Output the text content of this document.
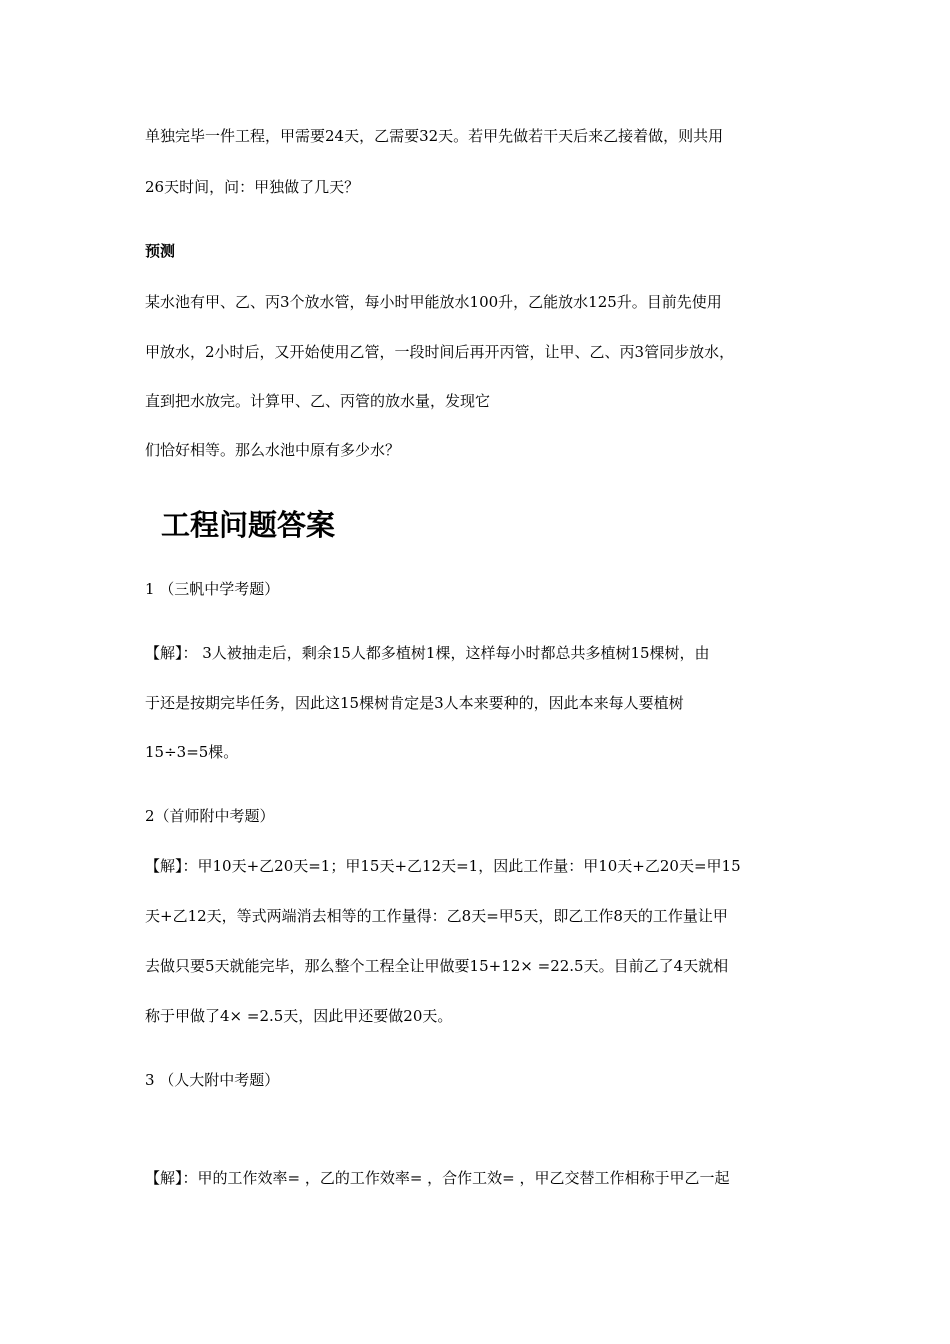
单独完毕一件工程，甲需要24天，乙需要32天。若甲先做若干天后来乙接着做，则共用
26天时间，问：甲独做了几天？
预测
某水池有甲、乙、丙3个放水管，每小时甲能放水100升，乙能放水125升。目前先使用
甲放水，2小时后，又开始使用乙管，一段时间后再开丙管，让甲、乙、丙3管同步放水，
直到把水放完。计算甲、乙、丙管的放水量，发现它
们恰好相等。那么水池中原有多少水？
工程问题答案
1 （三帆中学考题）
【解】： 3人被抽走后，剩余15人都多植树1棵，这样每小时都总共多植树15棵树，由
于还是按期完毕任务，因此这15棵树肯定是3人本来要种的，因此本来每人要植树
15÷3=5棵。
2（首师附中考题）
【解】：甲10天+乙20天=1；甲15天+乙12天=1，因此工作量：甲10天+乙20天=甲15
天+乙12天，等式两端消去相等的工作量得：乙8天=甲5天，即乙工作8天的工作量让甲
去做只要5天就能完毕，那么整个工程全让甲做要15+12× =22.5天。目前乙了4天就相
称于甲做了4× =2.5天，因此甲还要做20天。
3 （人大附中考题）
【解】：甲的工作效率= ，乙的工作效率= ，合作工效= ，甲乙交替工作相称于甲乙一起
